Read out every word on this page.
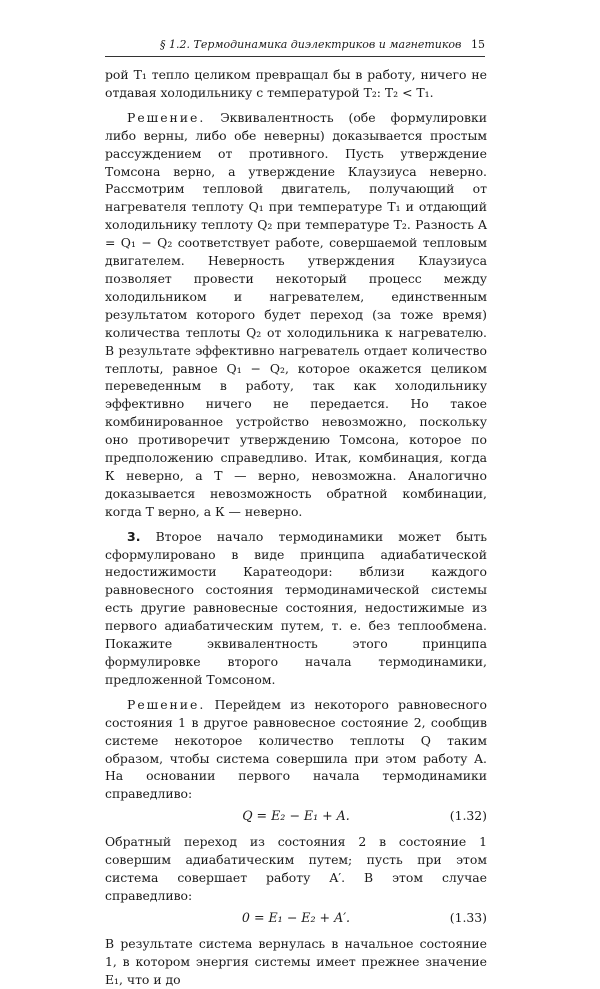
§ 1.2. Термодинамика диэлектриков и магнетиков 15

рой T₁ тепло целиком превращал бы в работу, ничего не отдавая холодильнику с температурой T₂: T₂ < T₁.

Решение. Эквивалентность (обе формулировки либо верны, либо обе неверны) доказывается простым рассуждением от противного. Пусть утверждение Томсона верно, а утверждение Клаузиуса неверно. Рассмотрим тепловой двигатель, получающий от нагревателя теплоту Q₁ при температуре T₁ и отдающий холодильнику теплоту Q₂ при температуре T₂. Разность A = Q₁ − Q₂ соответствует работе, совершаемой тепловым двигателем. Неверность утверждения Клаузиуса позволяет провести некоторый процесс между холодильником и нагревателем, единственным результатом которого будет переход (за тоже время) количества теплоты Q₂ от холодильника к нагревателю. В результате эффективно нагреватель отдает количество теплоты, равное Q₁ − Q₂, которое окажется целиком переведенным в работу, так как холодильнику эффективно ничего не передается. Но такое комбинированное устройство невозможно, поскольку оно противоречит утверждению Томсона, которое по предположению справедливо. Итак, комбинация, когда К неверно, а Т — верно, невозможна. Аналогично доказывается невозможность обратной комбинации, когда Т верно, а К — неверно.

3. Второе начало термодинамики может быть сформулировано в виде принципа адиабатической недостижимости Каратеодори: вблизи каждого равновесного состояния термодинамической системы есть другие равновесные состояния, недостижимые из первого адиабатическим путем, т. е. без теплообмена. Покажите эквивалентность этого принципа формулировке второго начала термодинамики, предложенной Томсоном.

Решение. Перейдем из некоторого равновесного состояния 1 в другое равновесное состояние 2, сообщив системе некоторое количество теплоты Q таким образом, чтобы система совершила при этом работу A. На основании первого начала термодинамики справедливо:

Q = E₂ − E₁ + A.	(1.32)

Обратный переход из состояния 2 в состояние 1 совершим адиабатическим путем; пусть при этом система совершает работу A′. В этом случае справедливо:

0 = E₁ − E₂ + A′.	(1.33)

В результате система вернулась в начальное состояние 1, в котором энергия системы имеет прежнее значение E₁, что и до
